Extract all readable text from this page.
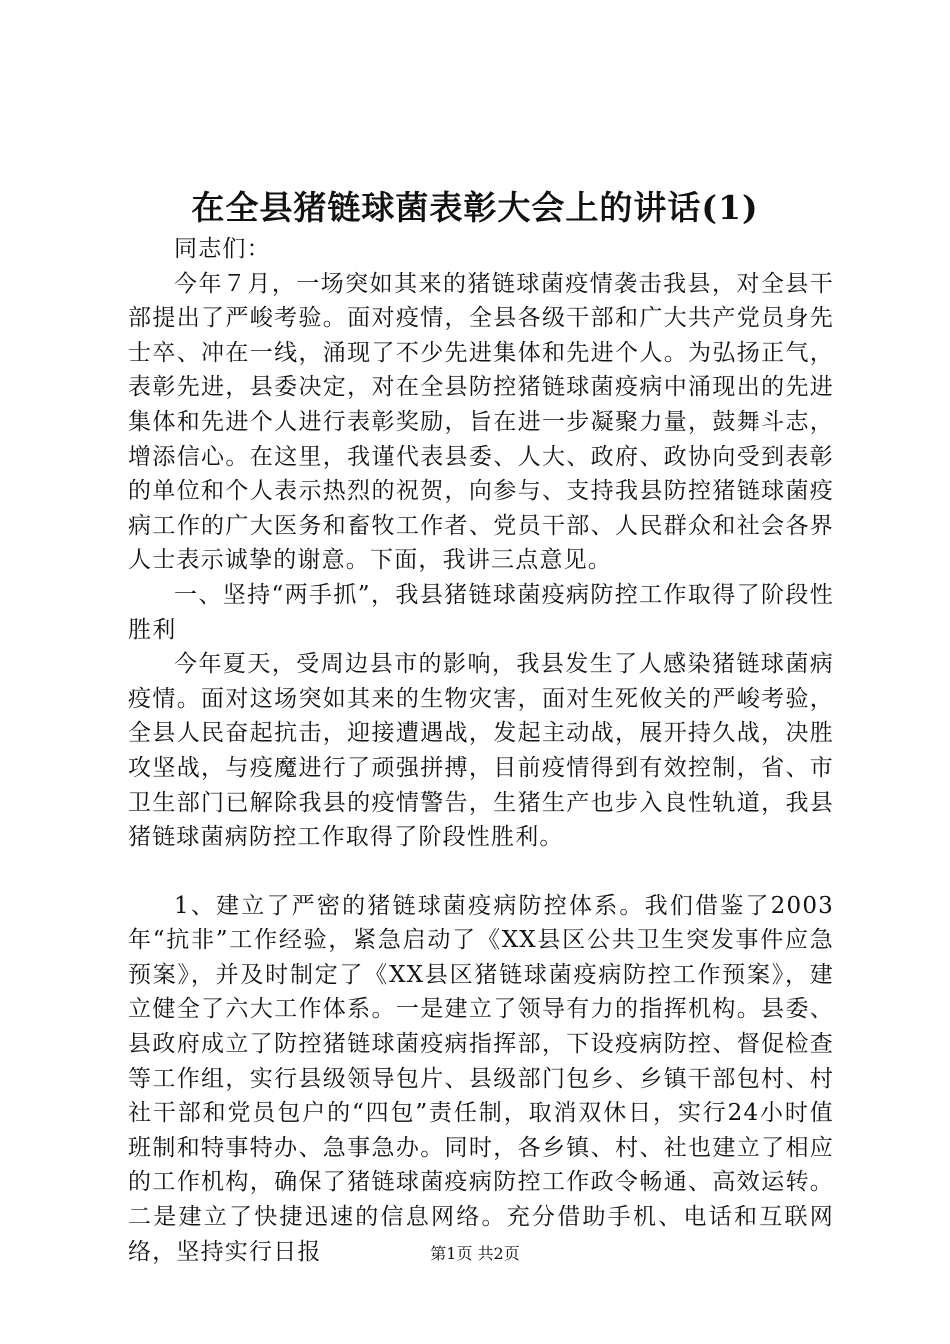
在全县猪链球菌表彰大会上的讲话(1)

同志们：

今年７月，一场突如其来的猪链球菌疫情袭击我县，对全县干部提出了严峻考验。面对疫情，全县各级干部和广大共产党员身先士卒、冲在一线，涌现了不少先进集体和先进个人。为弘扬正气，表彰先进，县委决定，对在全县防控猪链球菌疫病中涌现出的先进集体和先进个人进行表彰奖励，旨在进一步凝聚力量，鼓舞斗志，增添信心。在这里，我谨代表县委、人大、政府、政协向受到表彰的单位和个人表示热烈的祝贺，向参与、支持我县防控猪链球菌疫病工作的广大医务和畜牧工作者、党员干部、人民群众和社会各界人士表示诚挚的谢意。下面，我讲三点意见。

一、坚持“两手抓”，我县猪链球菌疫病防控工作取得了阶段性胜利

今年夏天，受周边县市的影响，我县发生了人感染猪链球菌病疫情。面对这场突如其来的生物灾害，面对生死攸关的严峻考验，全县人民奋起抗击，迎接遭遇战，发起主动战，展开持久战，决胜攻坚战，与疫魔进行了顽强拼搏，目前疫情得到有效控制，省、市卫生部门已解除我县的疫情警告，生猪生产也步入良性轨道，我县猪链球菌病防控工作取得了阶段性胜利。

1、建立了严密的猪链球菌疫病防控体系。我们借鉴了2003年“抗非”工作经验，紧急启动了《XX县区公共卫生突发事件应急预案》，并及时制定了《XX县区猪链球菌疫病防控工作预案》，建立健全了六大工作体系。一是建立了领导有力的指挥机构。县委、县政府成立了防控猪链球菌疫病指挥部，下设疫病防控、督促检查等工作组，实行县级领导包片、县级部门包乡、乡镇干部包村、村社干部和党员包户的“四包”责任制，取消双休日，实行24小时值班制和特事特办、急事急办。同时，各乡镇、村、社也建立了相应的工作机构，确保了猪链球菌疫病防控工作政令畅通、高效运转。二是建立了快捷迅速的信息网络。充分借助手机、电话和互联网络，坚持实行日报	第1页 共2页
